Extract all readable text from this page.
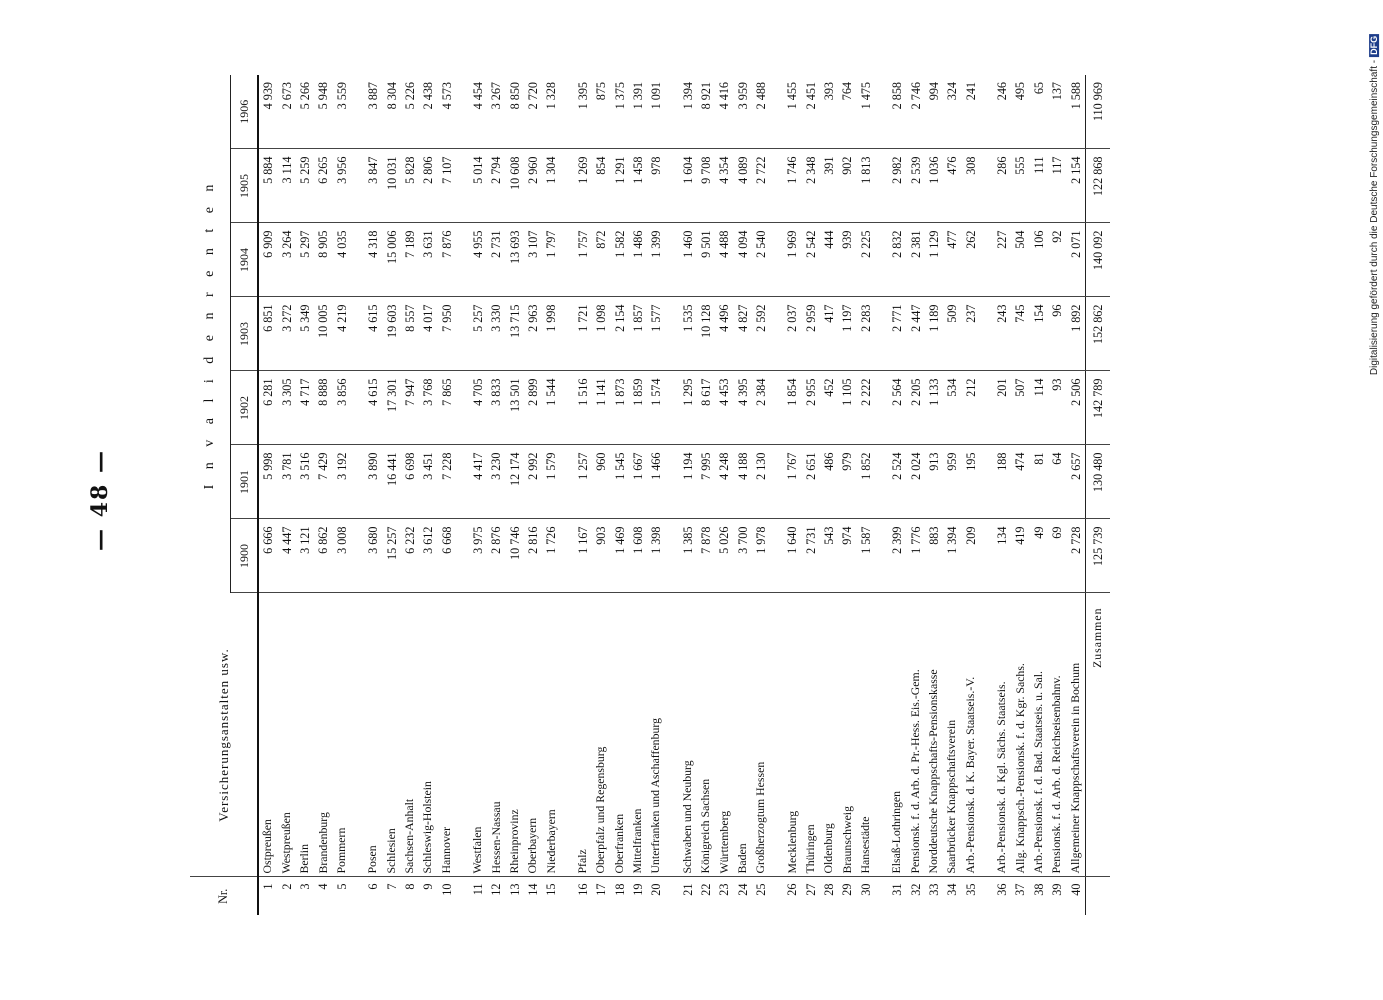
— 48 —
Digitalisierung gefördert durch die Deutsche Forschungsgemeinschaft -DFG
Nr.	Versicherungsanstalten usw.	I n v a l i d e n r e n t e n						
		1900	1901	1902	1903	1904	1905	1906
1	Ostpreußen	6 666	5 998	6 281	6 851	6 909	5 884	4 939
2	Westpreußen	4 447	3 781	3 305	3 272	3 264	3 114	2 673
3	Berlin	3 121	3 516	4 717	5 349	5 297	5 259	5 266
4	Brandenburg	6 862	7 429	8 888	10 005	8 905	6 265	5 948
5	Pommern	3 008	3 192	3 856	4 219	4 035	3 956	3 559

6	Posen	3 680	3 890	4 615	4 615	4 318	3 847	3 887
7	Schlesien	15 257	16 441	17 301	19 603	15 006	10 031	8 304
8	Sachsen-Anhalt	6 232	6 698	7 947	8 557	7 189	5 828	5 226
9	Schleswig-Holstein	3 612	3 451	3 768	4 017	3 631	2 806	2 438
10	Hannover	6 668	7 228	7 865	7 950	7 876	7 107	4 573

11	Westfalen	3 975	4 417	4 705	5 257	4 955	5 014	4 454
12	Hessen-Nassau	2 876	3 230	3 833	3 330	2 731	2 794	3 267
13	Rheinprovinz	10 746	12 174	13 501	13 715	13 693	10 608	8 850
14	Oberbayern	2 816	2 992	2 899	2 963	3 107	2 960	2 720
15	Niederbayern	1 726	1 579	1 544	1 998	1 797	1 304	1 328

16	Pfalz	1 167	1 257	1 516	1 721	1 757	1 269	1 395
17	Oberpfalz und Regensburg	903	960	1 141	1 098	872	854	875
18	Oberfranken	1 469	1 545	1 873	2 154	1 582	1 291	1 375
19	Mittelfranken	1 608	1 667	1 859	1 857	1 486	1 458	1 391
20	Unterfranken und Aschaffenburg	1 398	1 466	1 574	1 577	1 399	978	1 091

21	Schwaben und Neuburg	1 385	1 194	1 295	1 535	1 460	1 604	1 394
22	Königreich Sachsen	7 878	7 995	8 617	10 128	9 501	9 708	8 921
23	Württemberg	5 026	4 248	4 453	4 496	4 488	4 354	4 416
24	Baden	3 700	4 188	4 395	4 827	4 094	4 089	3 959
25	Großherzogtum Hessen	1 978	2 130	2 384	2 592	2 540	2 722	2 488

26	Mecklenburg	1 640	1 767	1 854	2 037	1 969	1 746	1 455
27	Thüringen	2 731	2 651	2 955	2 959	2 542	2 348	2 451
28	Oldenburg	543	486	452	417	444	391	393
29	Braunschweig	974	979	1 105	1 197	939	902	764
30	Hansestädte	1 587	1 852	2 222	2 283	2 225	1 813	1 475

31	Elsaß-Lothringen	2 399	2 524	2 564	2 771	2 832	2 982	2 858
32	Pensionsk. f. d. Arb. d. Pr.-Hess. Eis.-Gem.	1 776	2 024	2 205	2 447	2 381	2 539	2 746
33	Norddeutsche Knappschafts-Pensionskasse	883	913	1 133	1 189	1 129	1 036	994
34	Saarbrücker Knappschaftsverein	1 394	959	534	509	477	476	324
35	Arb.-Pensionsk. d. K. Bayer. Staatseis.-V.	209	195	212	237	262	308	241

36	Arb.-Pensionsk. d. Kgl. Sächs. Staatseis.	134	188	201	243	227	286	246
37	Allg. Knappsch.-Pensionsk. f. d. Kgr. Sachs.	419	474	507	745	504	555	495
38	Arb.-Pensionsk. f. d. Bad. Staatseis. u. Sal.	49	81	114	154	106	111	65
39	Pensionsk. f. d. Arb. d. Reichseisenbahnv.	69	64	93	96	92	117	137
40	Allgemeiner Knappschaftsverein in Bochum	2 728	2 657	2 506	1 892	2 071	2 154	1 588
	Zusammen	125 739	130 480	142 789	152 862	140 092	122 868	110 969
